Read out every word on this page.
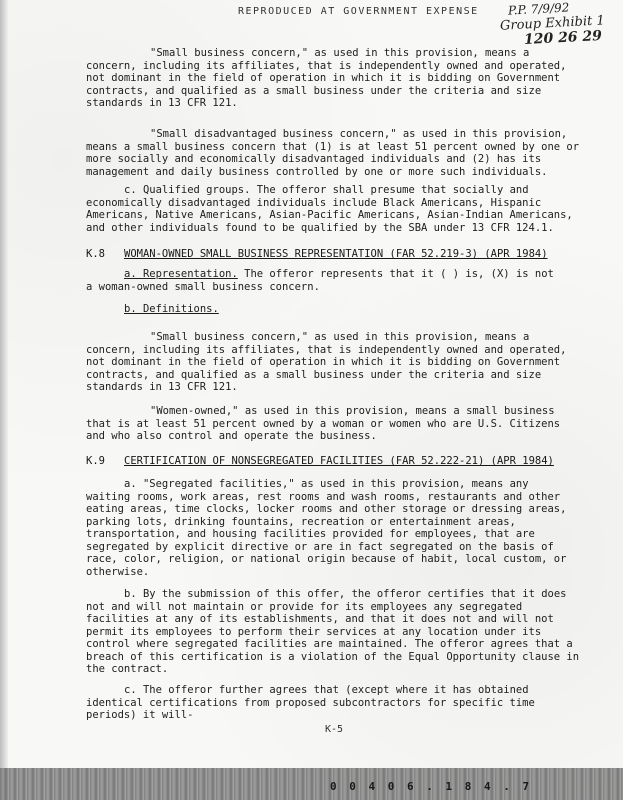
REPRODUCED AT GOVERNMENT EXPENSE	P.P. 7/9/92
Group Exhibit 1
120 26 29
"Small business concern," as used in this provision, means a
concern, including its affiliates, that is independently owned and operated,
not dominant in the field of operation in which it is bidding on Government
contracts, and qualified as a small business under the criteria and size
standards in 13 CFR 121.
"Small disadvantaged business concern," as used in this provision,
means a small business concern that (1) is at least 51 percent owned by one or
more socially and economically disadvantaged individuals and (2) has its
management and daily business controlled by one or more such individuals.
c. Qualified groups. The offeror shall presume that socially and
economically disadvantaged individuals include Black Americans, Hispanic
Americans, Native Americans, Asian-Pacific Americans, Asian-Indian Americans,
and other individuals found to be qualified by the SBA under 13 CFR 124.1.
K.8 WOMAN-OWNED SMALL BUSINESS REPRESENTATION (FAR 52.219-3) (APR 1984)
a. Representation. The offeror represents that it ( ) is, (X) is not
a woman-owned small business concern.
b. Definitions.
"Small business concern," as used in this provision, means a
concern, including its affiliates, that is independently owned and operated,
not dominant in the field of operation in which it is bidding on Government
contracts, and qualified as a small business under the criteria and size
standards in 13 CFR 121.
"Women-owned," as used in this provision, means a small business
that is at least 51 percent owned by a woman or women who are U.S. Citizens
and who also control and operate the business.
K.9 CERTIFICATION OF NONSEGREGATED FACILITIES (FAR 52.222-21) (APR 1984)
a. "Segregated facilities," as used in this provision, means any
waiting rooms, work areas, rest rooms and wash rooms, restaurants and other
eating areas, time clocks, locker rooms and other storage or dressing areas,
parking lots, drinking fountains, recreation or entertainment areas,
transportation, and housing facilities provided for employees, that are
segregated by explicit directive or are in fact segregated on the basis of
race, color, religion, or national origin because of habit, local custom, or
otherwise.
b. By the submission of this offer, the offeror certifies that it does
not and will not maintain or provide for its employees any segregated
facilities at any of its establishments, and that it does not and will not
permit its employees to perform their services at any location under its
control where segregated facilities are maintained. The offeror agrees that a
breach of this certification is a violation of the Equal Opportunity clause in
the contract.
c. The offeror further agrees that (except where it has obtained
identical certifications from proposed subcontractors for specific time
periods) it will-
K-5
0 0 4 0 6 . 1 8 4 . 7
